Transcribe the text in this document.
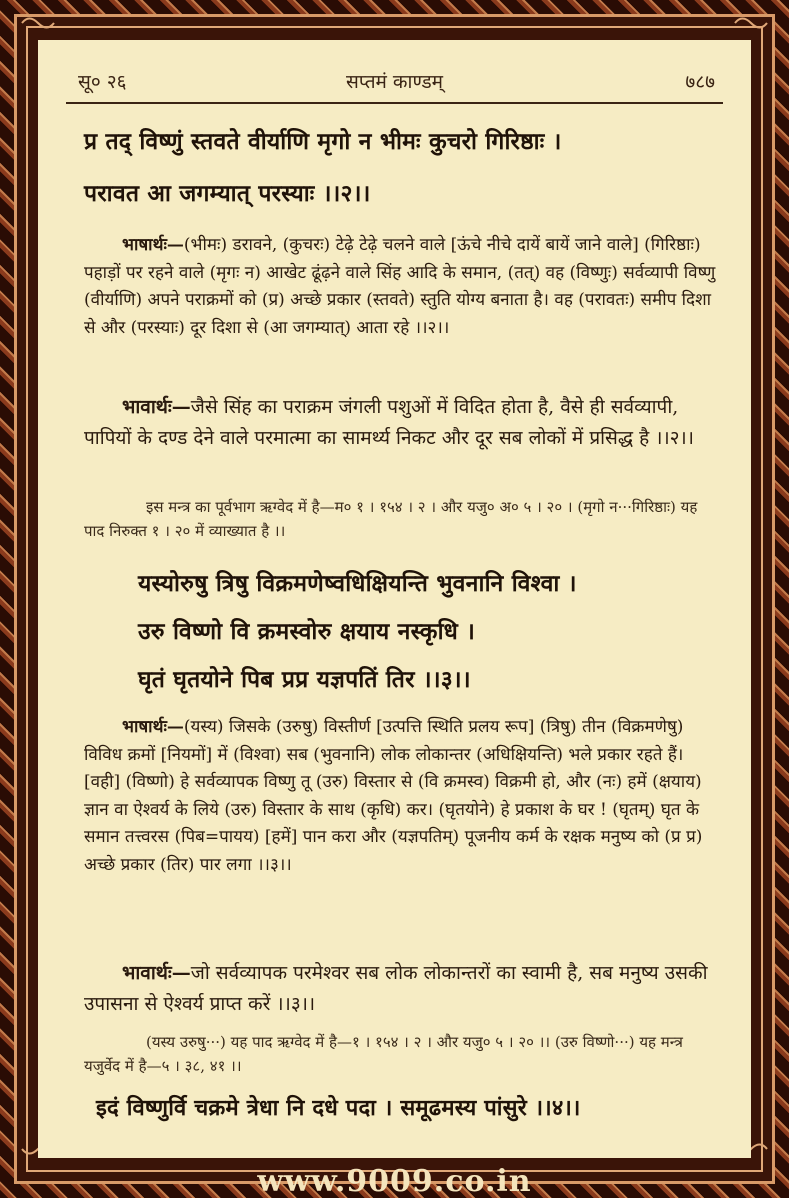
सू० २६	सप्तमं काण्डम्	७८७
प्र तद् विष्णुं स्तवते वीर्याणि मृगो न भीमः कुचरो गिरिष्ठाः ।
परावत आ जगम्यात् परस्याः ।।२।।
भाषार्थः—(भीमः) डरावने, (कुचरः) टेढ़े टेढ़े चलने वाले [ऊंचे नीचे दायें बायें जाने वाले] (गिरिष्ठाः) पहाड़ों पर रहने वाले (मृगः न) आखेट ढूंढ़ने वाले सिंह आदि के समान, (तत्) वह (विष्णुः) सर्वव्यापी विष्णु (वीर्याणि) अपने पराक्रमों को (प्र) अच्छे प्रकार (स्तवते) स्तुति योग्य बनाता है। वह (परावतः) समीप दिशा से और (परस्याः) दूर दिशा से (आ जगम्यात्) आता रहे ।।२।।
भावार्थः—जैसे सिंह का पराक्रम जंगली पशुओं में विदित होता है, वैसे ही सर्वव्यापी, पापियों के दण्ड देने वाले परमात्मा का सामर्थ्य निकट और दूर सब लोकों में प्रसिद्ध है ।।२।।
इस मन्त्र का पूर्वभाग ऋग्वेद में है—म० १ । १५४ । २ । और यजु० अ० ५ । २० । (मृगो न···गिरिष्ठाः) यह पाद निरुक्त १ । २० में व्याख्यात है ।।
यस्योरुषु त्रिषु विक्रमणेष्वधिक्षियन्ति भुवनानि विश्वा ।
उरु विष्णो वि क्रमस्वोरु क्षयाय नस्कृधि ।
घृतं घृतयोने पिब प्रप्र यज्ञपतिं तिर ।।३।।
भाषार्थः—(यस्य) जिसके (उरुषु) विस्तीर्ण [उत्पत्ति स्थिति प्रलय रूप] (त्रिषु) तीन (विक्रमणेषु) विविध क्रमों [नियमों] में (विश्वा) सब (भुवनानि) लोक लोकान्तर (अधिक्षियन्ति) भले प्रकार रहते हैं। [वही] (विष्णो) हे सर्वव्यापक विष्णु तू (उरु) विस्तार से (वि क्रमस्व) विक्रमी हो, और (नः) हमें (क्षयाय) ज्ञान वा ऐश्वर्य के लिये (उरु) विस्तार के साथ (कृधि) कर। (घृतयोने) हे प्रकाश के घर ! (घृतम्) घृत के समान तत्त्वरस (पिब=पायय) [हमें] पान करा और (यज्ञपतिम्) पूजनीय कर्म के रक्षक मनुष्य को (प्र प्र) अच्छे प्रकार (तिर) पार लगा ।।३।।
भावार्थः—जो सर्वव्यापक परमेश्वर सब लोक लोकान्तरों का स्वामी है, सब मनुष्य उसकी उपासना से ऐश्वर्य प्राप्त करें ।।३।।
(यस्य उरुषु···) यह पाद ऋग्वेद में है—१ । १५४ । २ । और यजु० ५ । २० ।। (उरु विष्णो···) यह मन्त्र यजुर्वेद में है—५ । ३८, ४१ ।।
इदं विष्णुर्वि चक्रमे त्रेधा नि दधे पदा । समूढमस्य पांसुरे ।।४।।
www.9009.co.in
